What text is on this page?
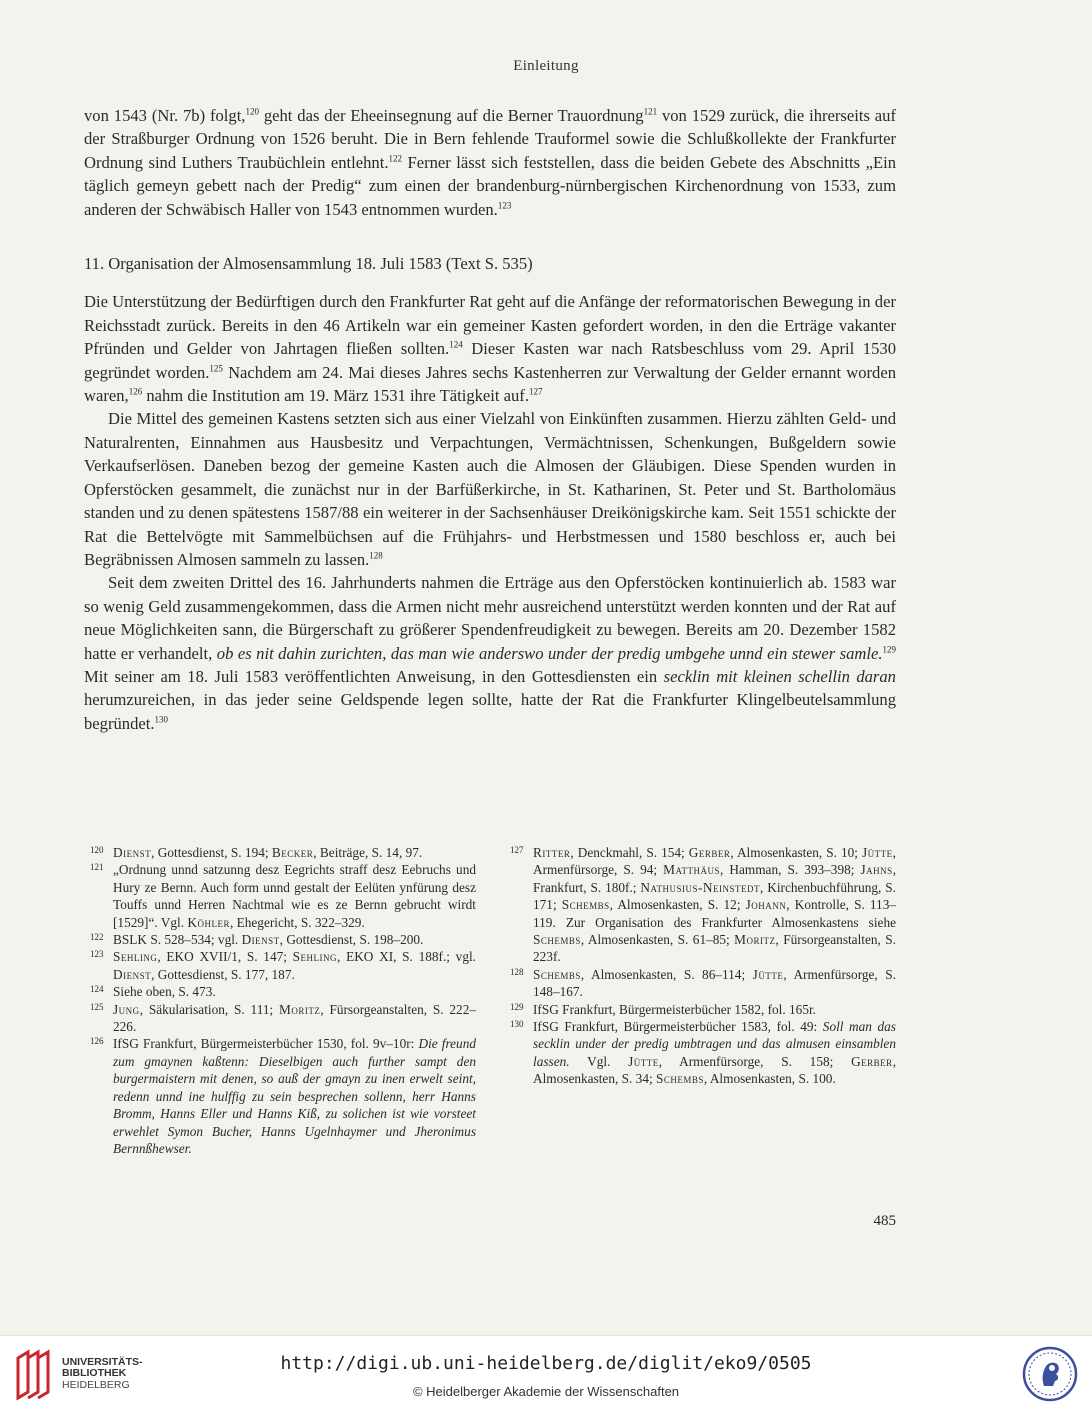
Einleitung

von 1543 (Nr. 7b) folgt,$^{120}$ geht das der Eheeinsegnung auf die Berner Trauordnung$^{121}$ von 1529 zurück, die ihrerseits auf der Straßburger Ordnung von 1526 beruht. Die in Bern fehlende Trauformel sowie die Schlußkollekte der Frankfurter Ordnung sind Luthers Traubüchlein entlehnt.$^{122}$ Ferner lässt sich feststellen, dass die beiden Gebete des Abschnitts „Ein täglich gemeyn gebett nach der Predig“ zum einen der brandenburg-nürnbergischen Kirchenordnung von 1533, zum anderen der Schwäbisch Haller von 1543 entnommen wurden.$^{123}$

11. Organisation der Almosensammlung 18. Juli 1583 (Text S. 535)

Die Unterstützung der Bedürftigen durch den Frankfurter Rat geht auf die Anfänge der reformatorischen Bewegung in der Reichsstadt zurück. Bereits in den 46 Artikeln war ein gemeiner Kasten gefordert worden, in den die Erträge vakanter Pfründen und Gelder von Jahrtagen fließen sollten.$^{124}$ Dieser Kasten war nach Ratsbeschluss vom 29. April 1530 gegründet worden.$^{125}$ Nachdem am 24. Mai dieses Jahres sechs Kastenherren zur Verwaltung der Gelder ernannt worden waren,$^{126}$ nahm die Institution am 19. März 1531 ihre Tätigkeit auf.$^{127}$

Die Mittel des gemeinen Kastens setzten sich aus einer Vielzahl von Einkünften zusammen. Hierzu zählten Geld- und Naturalrenten, Einnahmen aus Hausbesitz und Verpachtungen, Vermächtnissen, Schenkungen, Bußgeldern sowie Verkaufserlösen. Daneben bezog der gemeine Kasten auch die Almosen der Gläubigen. Diese Spenden wurden in Opferstöcken gesammelt, die zunächst nur in der Barfüßerkirche, in St. Katharinen, St. Peter und St. Bartholomäus standen und zu denen spätestens 1587/88 ein weiterer in der Sachsenhäuser Dreikönigskirche kam. Seit 1551 schickte der Rat die Bettelvögte mit Sammelbüchsen auf die Frühjahrs- und Herbstmessen und 1580 beschloss er, auch bei Begräbnissen Almosen sammeln zu lassen.$^{128}$

Seit dem zweiten Drittel des 16. Jahrhunderts nahmen die Erträge aus den Opferstöcken kontinuierlich ab. 1583 war so wenig Geld zusammengekommen, dass die Armen nicht mehr ausreichend unterstützt werden konnten und der Rat auf neue Möglichkeiten sann, die Bürgerschaft zu größerer Spendenfreudigkeit zu bewegen. Bereits am 20. Dezember 1582 hatte er verhandelt, ob es nit dahin zurichten, das man wie anderswo under der predig umbgehe unnd ein stewer samle.$^{129}$ Mit seiner am 18. Juli 1583 veröffentlichten Anweisung, in den Gottesdiensten ein secklin mit kleinen schellin daran herumzureichen, in das jeder seine Geldspende legen sollte, hatte der Rat die Frankfurter Klingelbeutelsammlung begründet.$^{130}$

120 Dienst, Gottesdienst, S. 194; Becker, Beiträge, S. 14, 97.

121 „Ordnung unnd satzunng desz Eegrichts straff desz Eebruchs und Hury ze Bernn. Auch form unnd gestalt der Eelüten ynfürung desz Touffs unnd Herren Nachtmal wie es ze Bernn gebrucht wirdt [1529]“. Vgl. Köhler, Ehegericht, S. 322–329.

122 BSLK S. 528–534; vgl. Dienst, Gottesdienst, S. 198–200.

123 Sehling, EKO XVII/1, S. 147; Sehling, EKO XI, S. 188f.; vgl. Dienst, Gottesdienst, S. 177, 187.

124 Siehe oben, S. 473.

125 Jung, Säkularisation, S. 111; Moritz, Fürsorgeanstalten, S. 222–226.

126 IfSG Frankfurt, Bürgermeisterbücher 1530, fol. 9v–10r: Die freund zum gmaynen kaßtenn: Dieselbigen auch further sampt den burgermaistern mit denen, so auß der gmayn zu inen erwelt seint, redenn unnd ine hulffig zu sein besprechen sollenn, herr Hanns Bromm, Hanns Eller und Hanns Kiß, zu solichen ist wie vorsteet erwehlet Symon Bucher, Hanns Ugelnhaymer und Jheronimus Bernnßhewser.

127 Ritter, Denckmahl, S. 154; Gerber, Almosenkasten, S. 10; Jütte, Armenfürsorge, S. 94; Matthäus, Hamman, S. 393–398; Jahns, Frankfurt, S. 180f.; Nathusius-Neinstedt, Kirchenbuchführung, S. 171; Schembs, Almosenkasten, S. 12; Johann, Kontrolle, S. 113–119. Zur Organisation des Frankfurter Almosenkastens siehe Schembs, Almosenkasten, S. 61–85; Moritz, Fürsorgeanstalten, S. 223f.

128 Schembs, Almosenkasten, S. 86–114; Jütte, Armenfürsorge, S. 148–167.

129 IfSG Frankfurt, Bürgermeisterbücher 1582, fol. 165r.

130 IfSG Frankfurt, Bürgermeisterbücher 1583, fol. 49: Soll man das secklin under der predig umbtragen und das almusen einsamblen lassen. Vgl. Jütte, Armenfürsorge, S. 158; Gerber, Almosenkasten, S. 34; Schembs, Almosenkasten, S. 100.

485
UNIVERSITÄTS-
BIBLIOTHEK
HEIDELBERG
http://digi.ub.uni-heidelberg.de/diglit/eko9/0505
© Heidelberger Akademie der Wissenschaften
